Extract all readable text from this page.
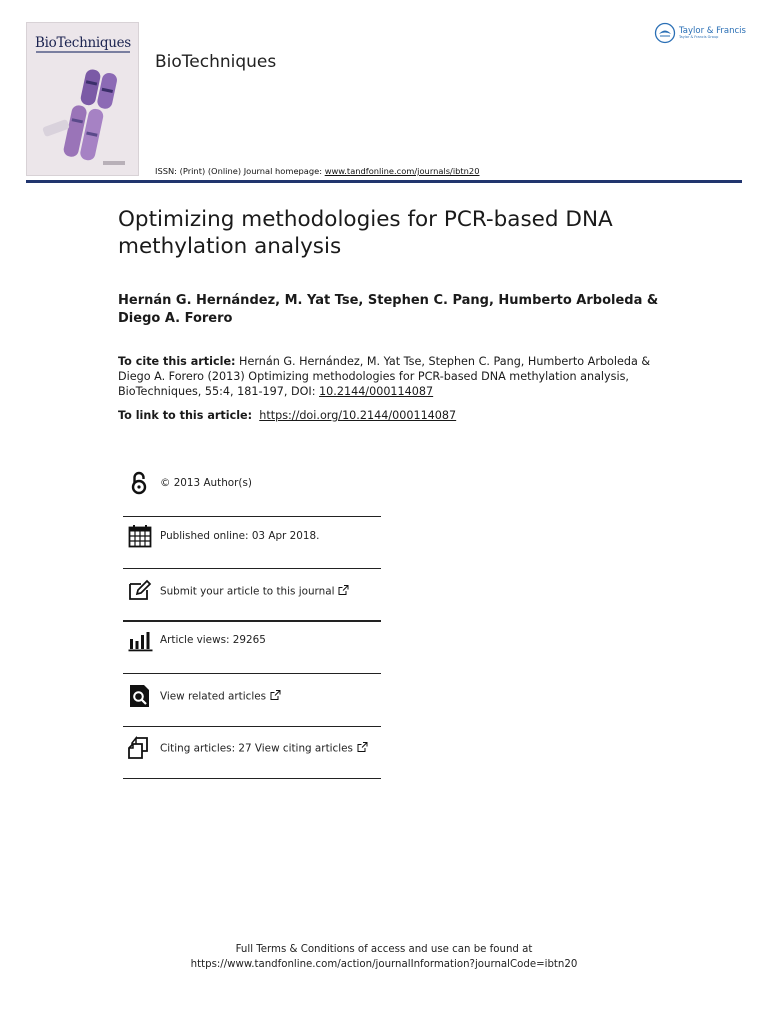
BioTechniques
BioTechniques
Taylor & Francis
Taylor & Francis Group
ISSN: (Print) (Online) Journal homepage: www.tandfonline.com/journals/ibtn20
Optimizing methodologies for PCR-based DNA methylation analysis
Hernán G. Hernández, M. Yat Tse, Stephen C. Pang, Humberto Arboleda & Diego A. Forero
To cite this article: Hernán G. Hernández, M. Yat Tse, Stephen C. Pang, Humberto Arboleda & Diego A. Forero (2013) Optimizing methodologies for PCR-based DNA methylation analysis, BioTechniques, 55:4, 181-197, DOI: 10.2144/000114087
To link to this article: https://doi.org/10.2144/000114087
© 2013 Author(s)
Published online: 03 Apr 2018.
Submit your article to this journal
Article views: 29265
View related articles
Citing articles: 27 View citing articles
Full Terms & Conditions of access and use can be found at
https://www.tandfonline.com/action/journalInformation?journalCode=ibtn20
